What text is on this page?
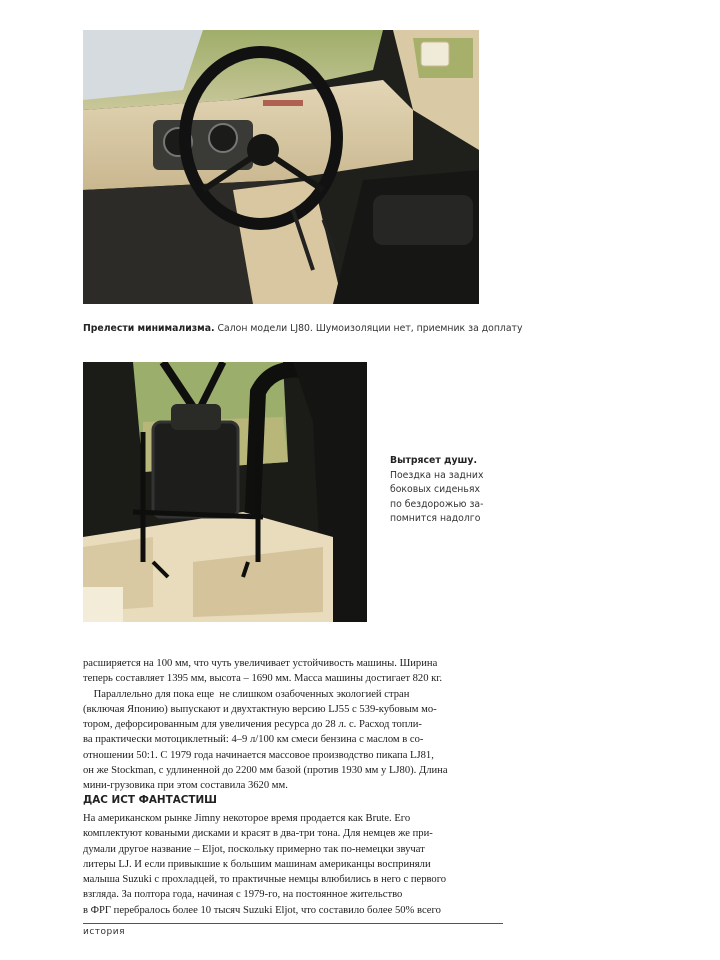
Прелести минимализма. Салон модели LJ80. Шумоизоляции нет, приемник за доплату
Вытрясет душу.
Поездка на задних
боковых сиденьях
по бездорожью за-
помнится надолго
расширяется на 100 мм, что чуть увеличивает устойчивость машины. Ширина
теперь составляет 1395 мм, высота – 1690 мм. Масса машины достигает 820 кг.
Параллельно для пока еще  не слишком озабоченных экологией стран
(включая Японию) выпускают и двухтактную версию LJ55 с 539-кубовым мо-
тором, дефорсированным для увеличения ресурса до 28 л. с. Расход топли-
ва практически мотоциклетный: 4–9 л/100 км смеси бензина с маслом в со-
отношении 50:1. С 1979 года начинается массовое производство пикапа LJ81,
он же Stockman, с удлиненной до 2200 мм базой (против 1930 мм у LJ80). Длина
мини-грузовика при этом составила 3620 мм.
ДАС ИСТ ФАНТАСТИШ
На американском рынке Jimny некоторое время продается как Brute. Его
комплектуют коваными дисками и красят в два-три тона. Для немцев же при-
думали другое название – Eljot, поскольку примерно так по-немецки звучат
литеры LJ. И если привыкшие к большим машинам американцы восприняли
малыша Suzuki с прохладцей, то практичные немцы влюбились в него с первого
взгляда. За полтора года, начиная с 1979-го, на постоянное жительство
в ФРГ перебралось более 10 тысяч Suzuki Eljot, что составило более 50% всего
история
